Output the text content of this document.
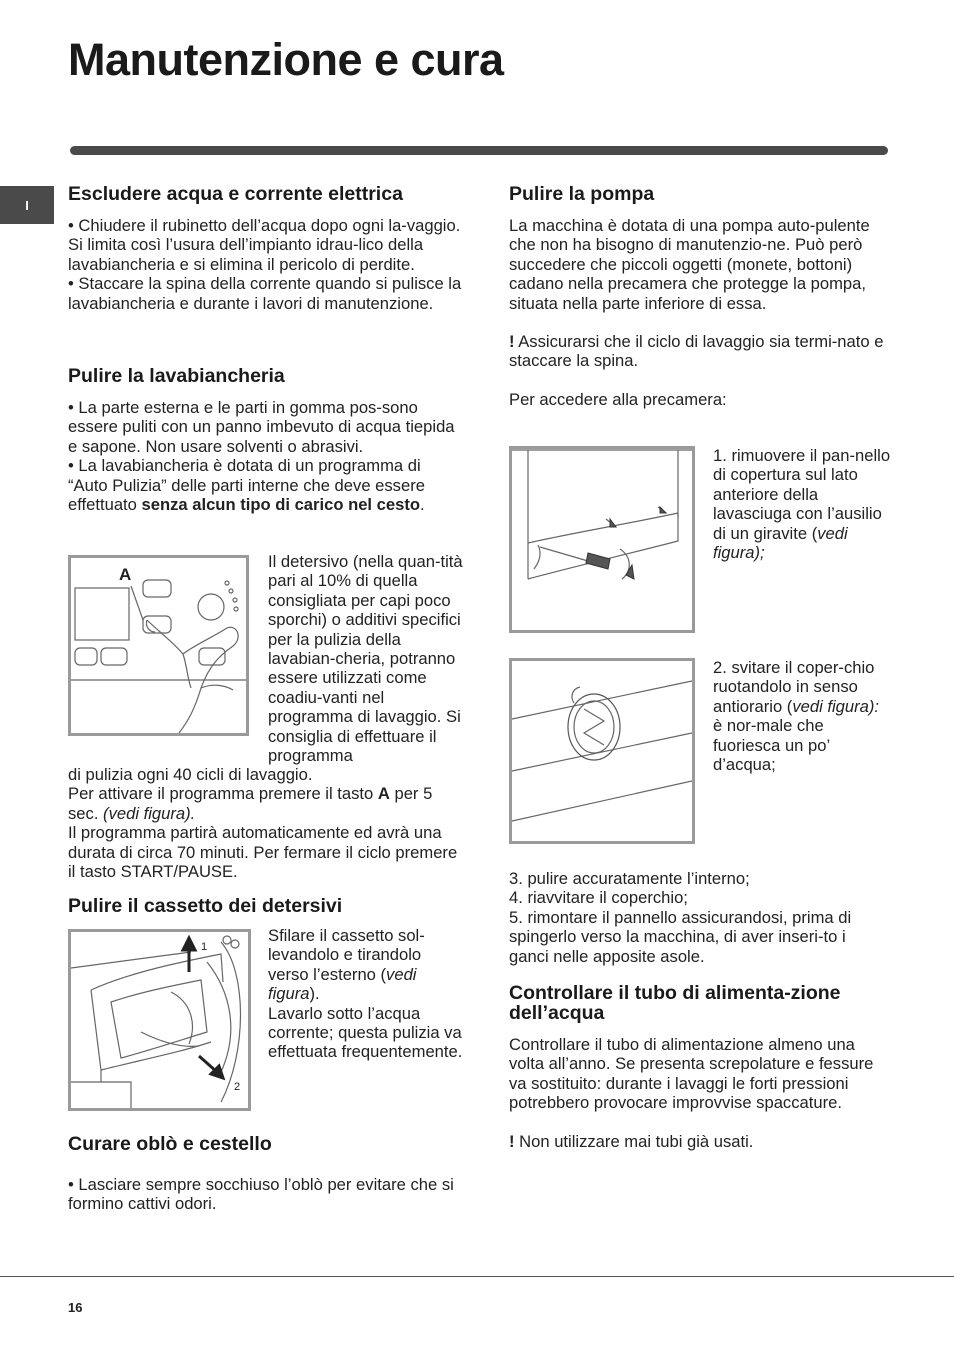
Manutenzione e cura
I	Escludere acqua e corrente elettrica

• Chiudere il rubinetto dell’acqua dopo ogni la-vaggio. Si limita così l’usura dell’impianto idrau-lico della lavabiancheria e si elimina il pericolo di perdite.

• Staccare la spina della corrente quando si pulisce la lavabiancheria e durante i lavori di manutenzione.

Pulire la lavabiancheria

• La parte esterna e le parti in gomma pos-sono essere puliti con un panno imbevuto di acqua tiepida e sapone. Non usare solventi o abrasivi.

• La lavabiancheria è dotata di un programma di “Auto Pulizia” delle parti interne che deve essere effettuato senza alcun tipo di carico nel cesto.

A

Il detersivo (nella quan-tità pari al 10% di quella consigliata per capi poco sporchi) o additivi specifici per la pulizia della lavabian-cheria, potranno essere utilizzati come coadiu-vanti nel programma di lavaggio. Si consiglia di effettuare il programma

di pulizia ogni 40 cicli di lavaggio.

Per attivare il programma premere il tasto A per 5 sec. (vedi figura).

Il programma partirà automaticamente ed avrà una durata di circa 70 minuti. Per fermare il ciclo premere il tasto START/PAUSE.

Pulire il cassetto dei detersivi
1
2

Sfilare il cassetto sol-levandolo e tirandolo verso l’esterno (vedi figura).

Lavarlo sotto l’acqua corrente; questa pulizia va effettuata frequentemente.

Curare oblò e cestello

• Lasciare sempre socchiuso l’oblò per evitare che si formino cattivi odori.

Pulire la pompa

La macchina è dotata di una pompa auto-pulente che non ha bisogno di manutenzio-ne. Può però succedere che piccoli oggetti (monete, bottoni) cadano nella precamera che protegge la pompa, situata nella parte inferiore di essa.

! Assicurarsi che il ciclo di lavaggio sia termi-nato e staccare la spina.

Per accedere alla precamera:

1. rimuovere il pan-nello di copertura sul lato anteriore della lavasciuga con l’ausilio di un giravite (vedi figura);

2. svitare il coper-chio ruotandolo in senso antiorario (vedi figura): è nor-male che fuoriesca un po’ d’acqua;

3. pulire accuratamente l’interno;

4. riavvitare il coperchio;

5. rimontare il pannello assicurandosi, prima di spingerlo verso la macchina, di aver inseri-to i ganci nelle apposite asole.

Controllare il tubo di alimenta-zione dell’acqua

Controllare il tubo di alimentazione almeno una volta all’anno. Se presenta screpolature e fessure va sostituito: durante i lavaggi le forti pressioni potrebbero provocare improvvise spaccature.

! Non utilizzare mai tubi già usati.

16
